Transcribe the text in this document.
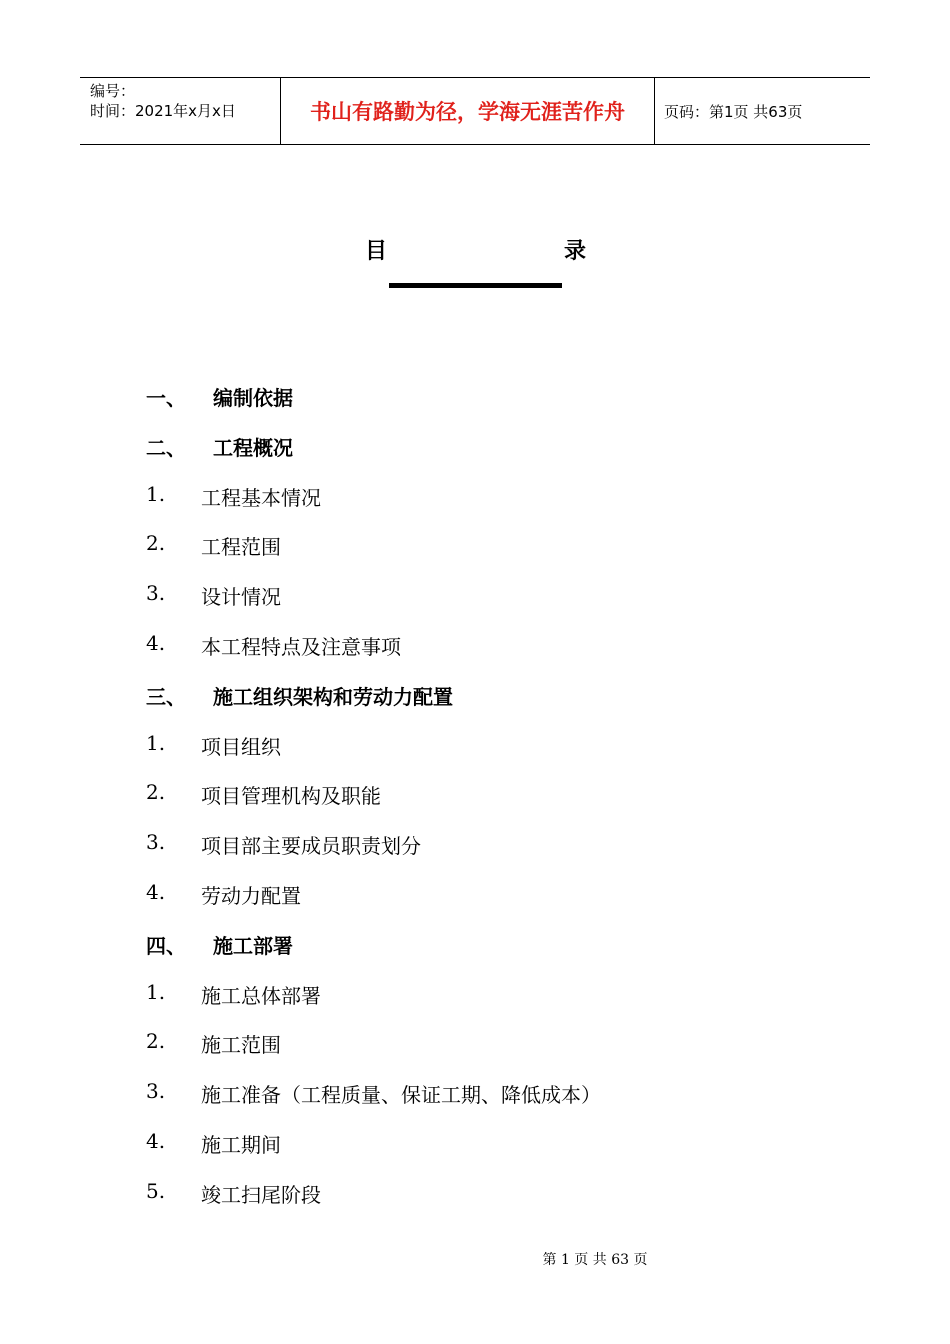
编号：
时间：2021年x月x日	书山有路勤为径，学海无涯苦作舟	页码：第1页 共63页
目	录
一、 编制依据
二、 工程概况
1. 工程基本情况
2. 工程范围
3. 设计情况
4. 本工程特点及注意事项
三、 施工组织架构和劳动力配置
1. 项目组织
2. 项目管理机构及职能
3. 项目部主要成员职责划分
4. 劳动力配置
四、 施工部署
1. 施工总体部署
2. 施工范围
3. 施工准备（工程质量、保证工期、降低成本）
4. 施工期间
5. 竣工扫尾阶段
第 1 页 共 63 页
